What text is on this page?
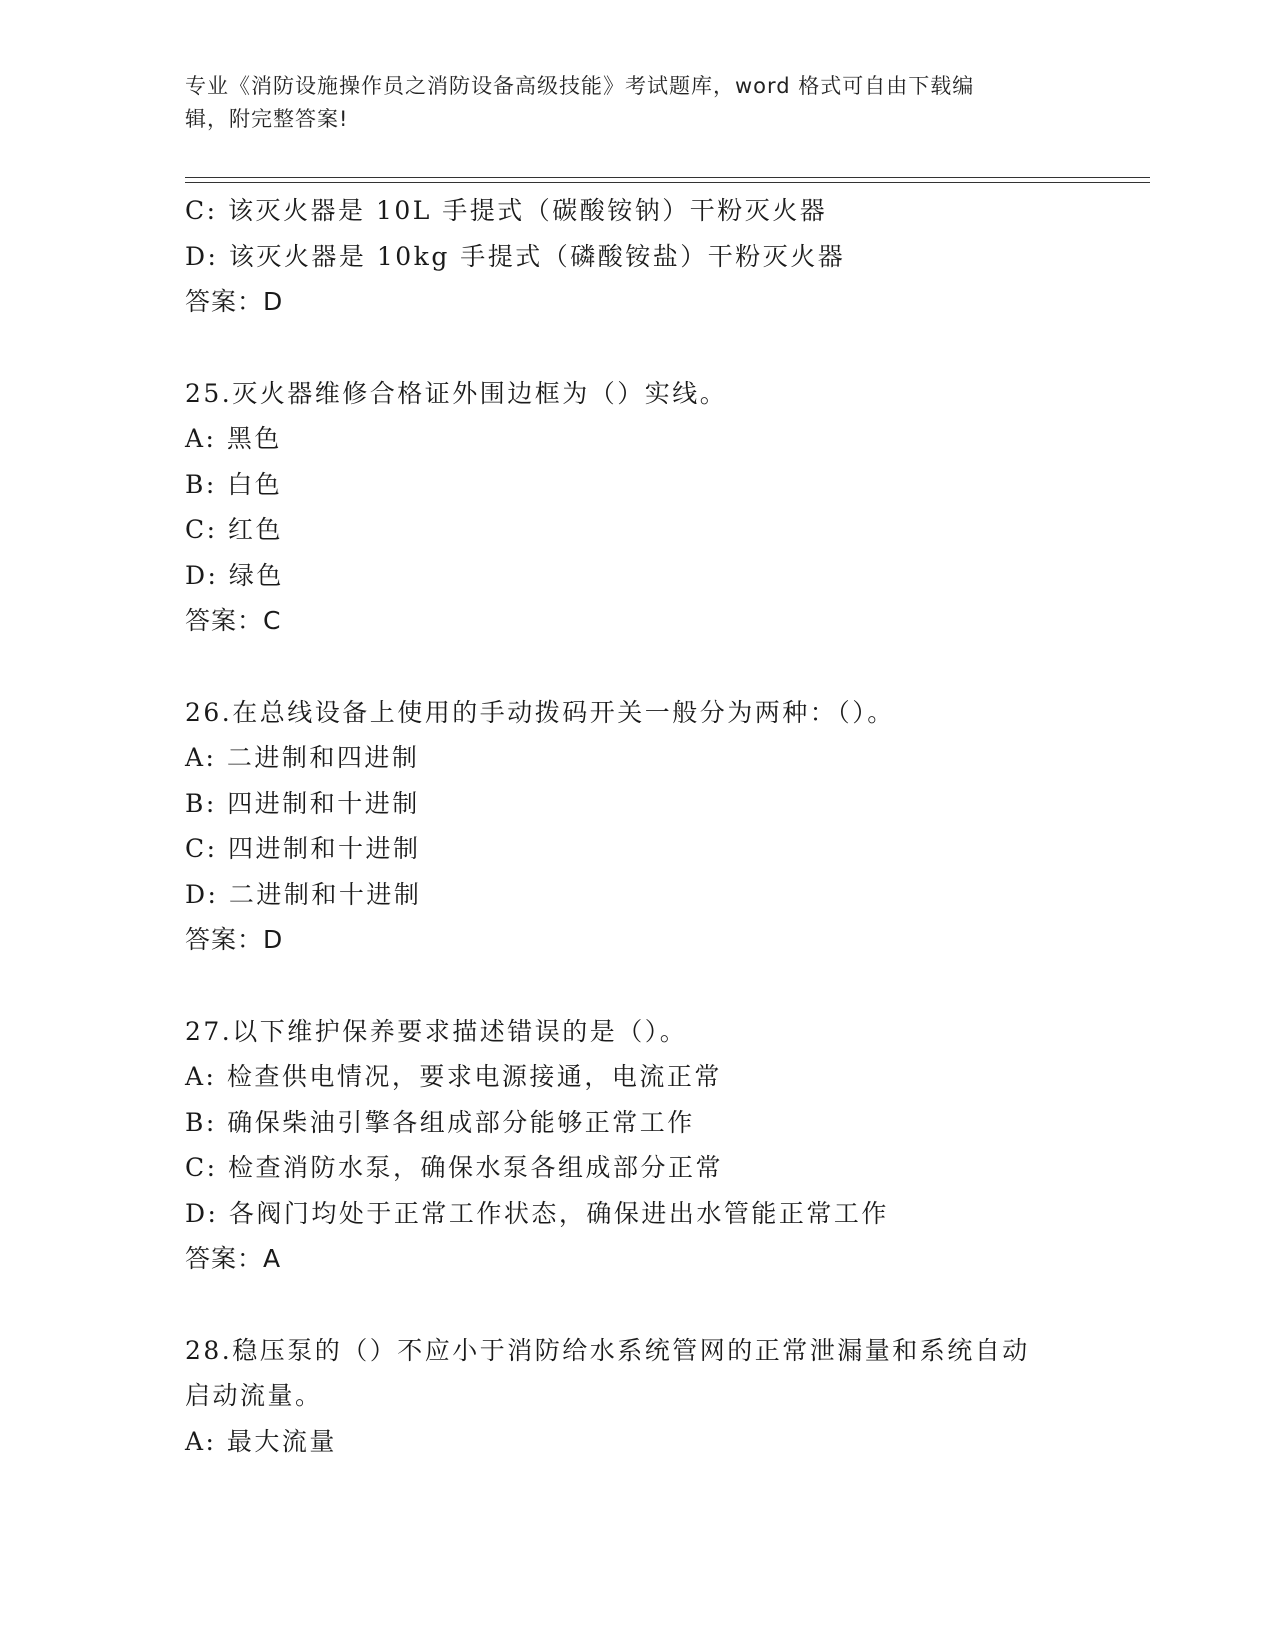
专业《消防设施操作员之消防设备高级技能》考试题库，word 格式可自由下载编
辑，附完整答案!
C: 该灭火器是 10L 手提式（碳酸铵钠）干粉灭火器
D: 该灭火器是 10kg 手提式（磷酸铵盐）干粉灭火器
答案：D
25.灭火器维修合格证外围边框为（）实线。
A: 黑色
B: 白色
C: 红色
D: 绿色
答案：C
26.在总线设备上使用的手动拨码开关一般分为两种：（）。
A: 二进制和四进制
B: 四进制和十进制
C: 四进制和十进制
D: 二进制和十进制
答案：D
27.以下维护保养要求描述错误的是（）。
A: 检查供电情况，要求电源接通，电流正常
B: 确保柴油引擎各组成部分能够正常工作
C: 检查消防水泵，确保水泵各组成部分正常
D: 各阀门均处于正常工作状态，确保进出水管能正常工作
答案：A
28.稳压泵的（）不应小于消防给水系统管网的正常泄漏量和系统自动
启动流量。
A: 最大流量
